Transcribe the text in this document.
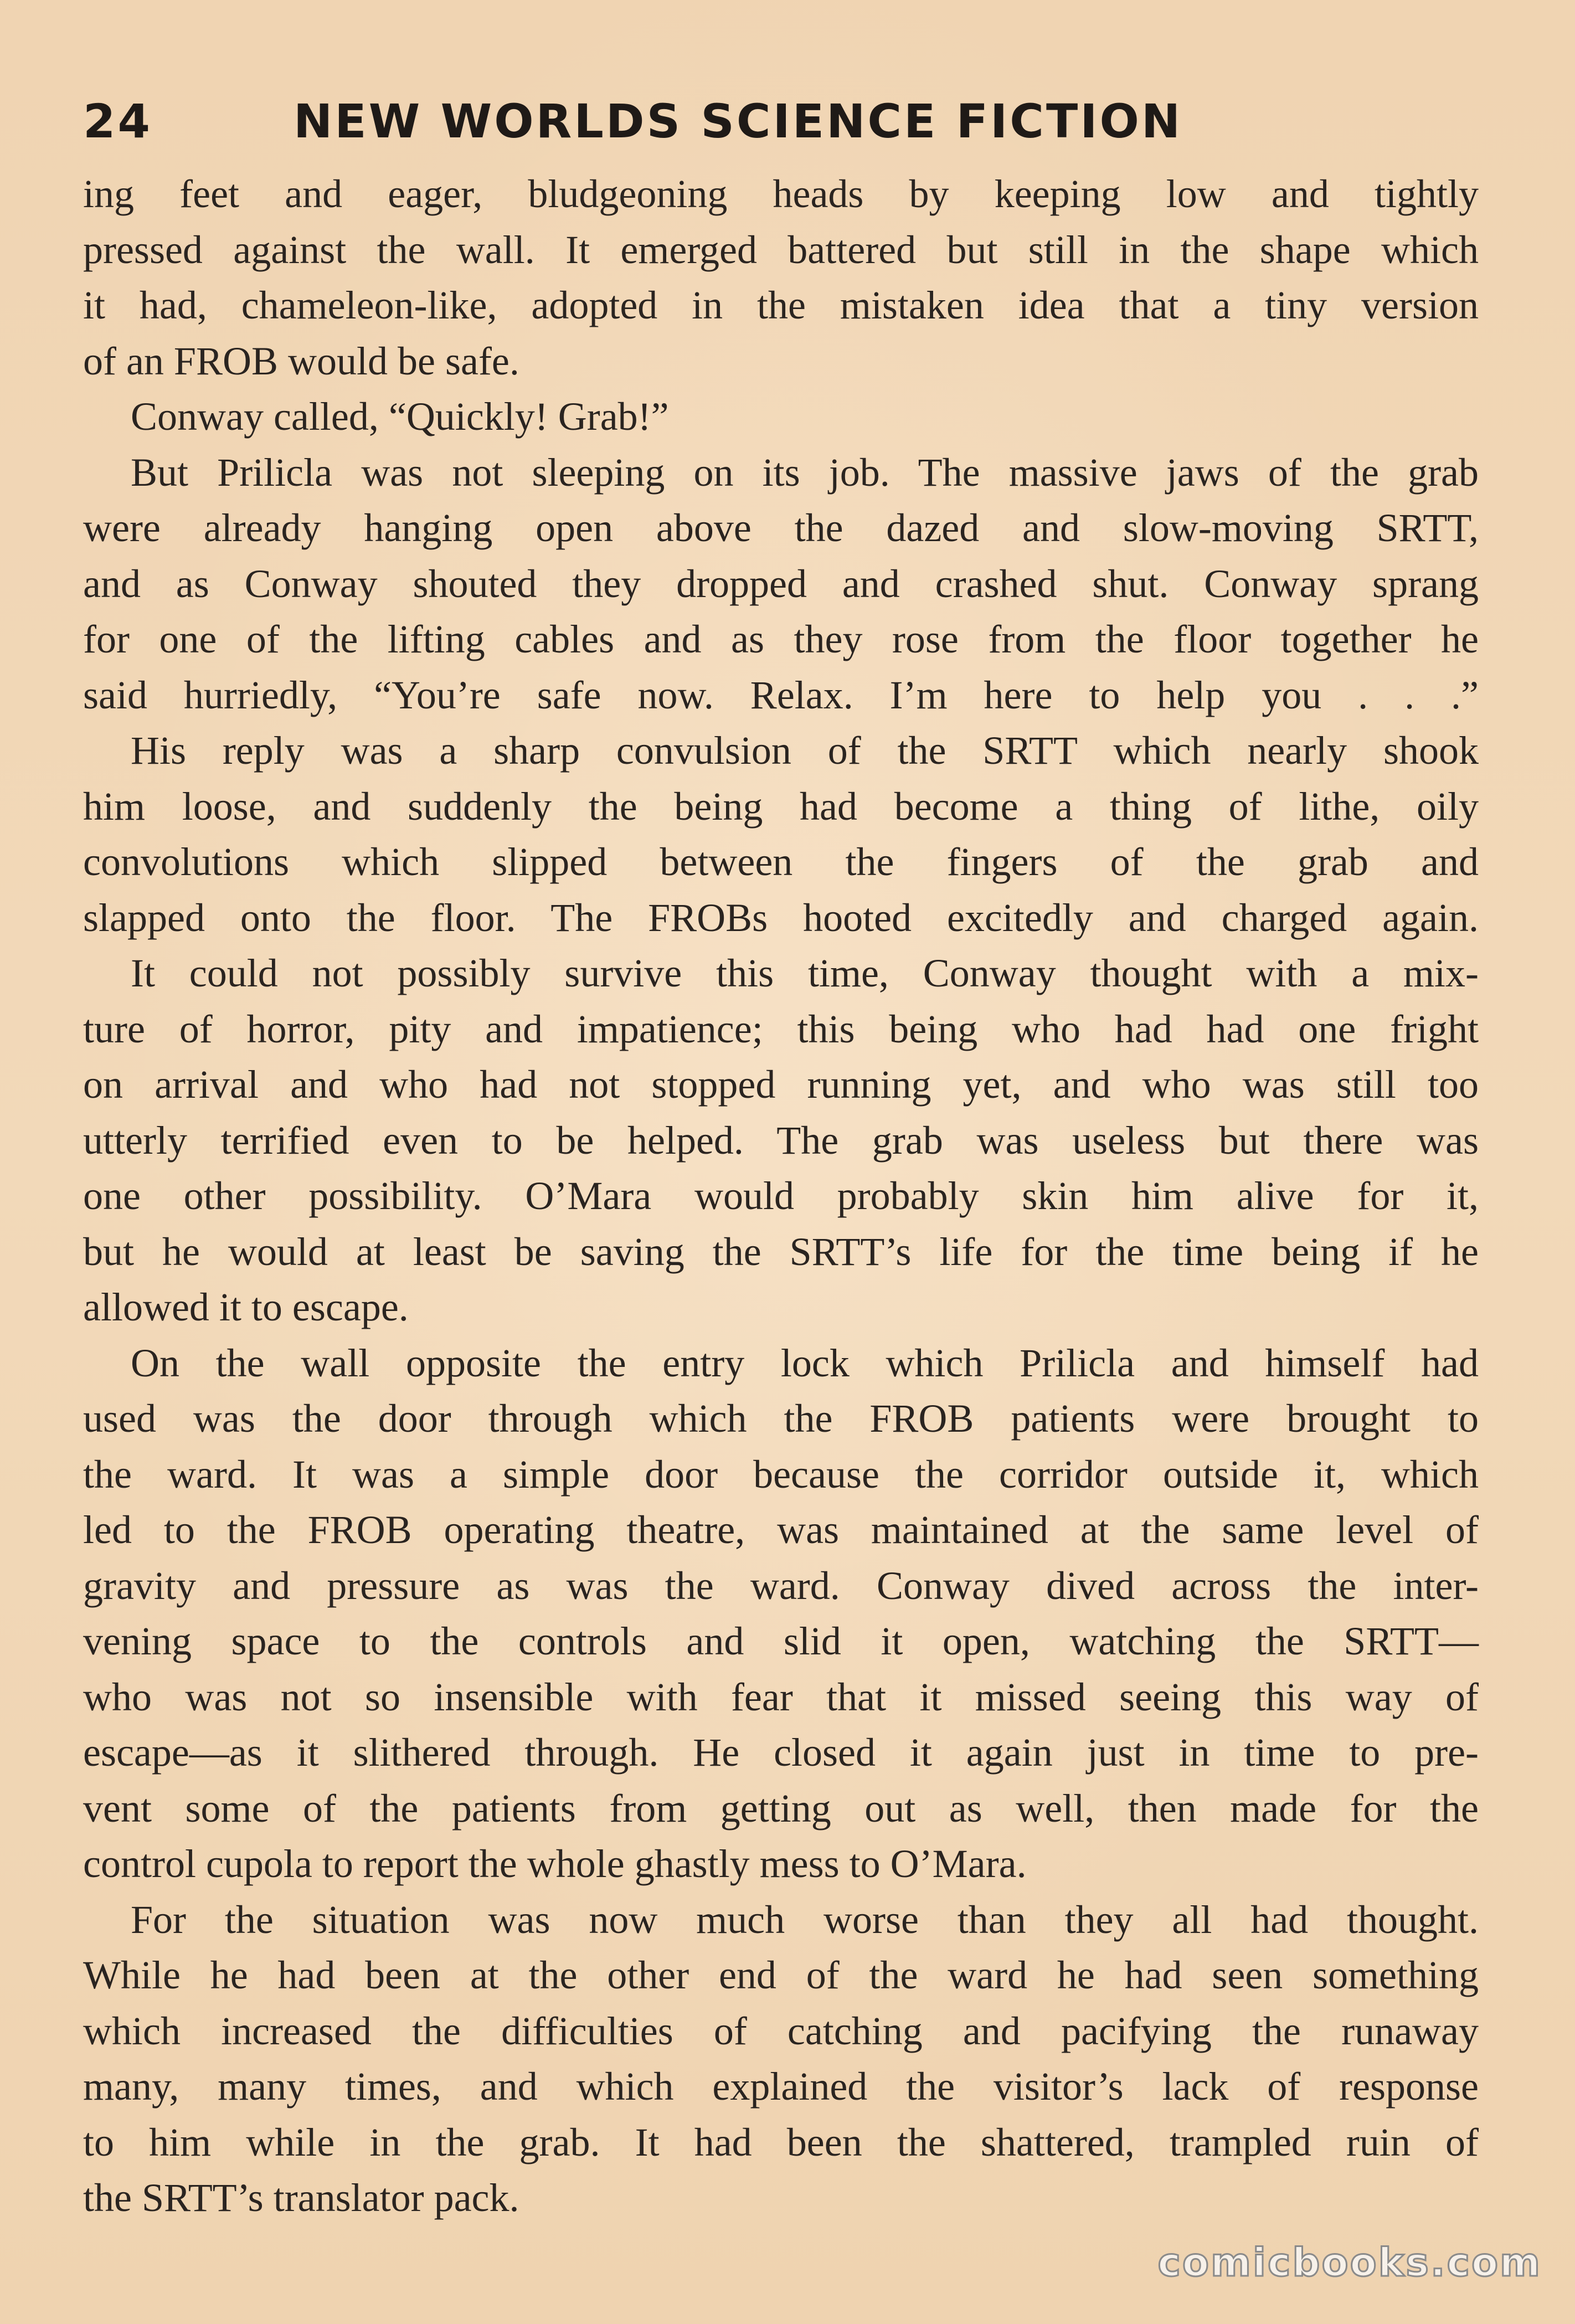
24	NEW WORLDS SCIENCE FICTION
ing feet and eager, bludgeoning heads by keeping low and tightly
pressed against the wall. It emerged battered but still in the shape which
it had, chameleon-like, adopted in the mistaken idea that a tiny version
of an FROB would be safe.
Conway called, “Quickly! Grab!”
But Prilicla was not sleeping on its job. The massive jaws of the grab
were already hanging open above the dazed and slow-moving SRTT,
and as Conway shouted they dropped and crashed shut. Conway sprang
for one of the lifting cables and as they rose from the floor together he
said hurriedly, “You’re safe now. Relax. I’m here to help you . . .”
His reply was a sharp convulsion of the SRTT which nearly shook
him loose, and suddenly the being had become a thing of lithe, oily
convolutions which slipped between the fingers of the grab and
slapped onto the floor. The FROBs hooted excitedly and charged again.
It could not possibly survive this time, Conway thought with a mix-
ture of horror, pity and impatience; this being who had had one fright
on arrival and who had not stopped running yet, and who was still too
utterly terrified even to be helped. The grab was useless but there was
one other possibility. O’Mara would probably skin him alive for it,
but he would at least be saving the SRTT’s life for the time being if he
allowed it to escape.
On the wall opposite the entry lock which Prilicla and himself had
used was the door through which the FROB patients were brought to
the ward. It was a simple door because the corridor outside it, which
led to the FROB operating theatre, was maintained at the same level of
gravity and pressure as was the ward. Conway dived across the inter-
vening space to the controls and slid it open, watching the SRTT—
who was not so insensible with fear that it missed seeing this way of
escape—as it slithered through. He closed it again just in time to pre-
vent some of the patients from getting out as well, then made for the
control cupola to report the whole ghastly mess to O’Mara.
For the situation was now much worse than they all had thought.
While he had been at the other end of the ward he had seen something
which increased the difficulties of catching and pacifying the runaway
many, many times, and which explained the visitor’s lack of response
to him while in the grab. It had been the shattered, trampled ruin of
the SRTT’s translator pack.
comicbooks.com
